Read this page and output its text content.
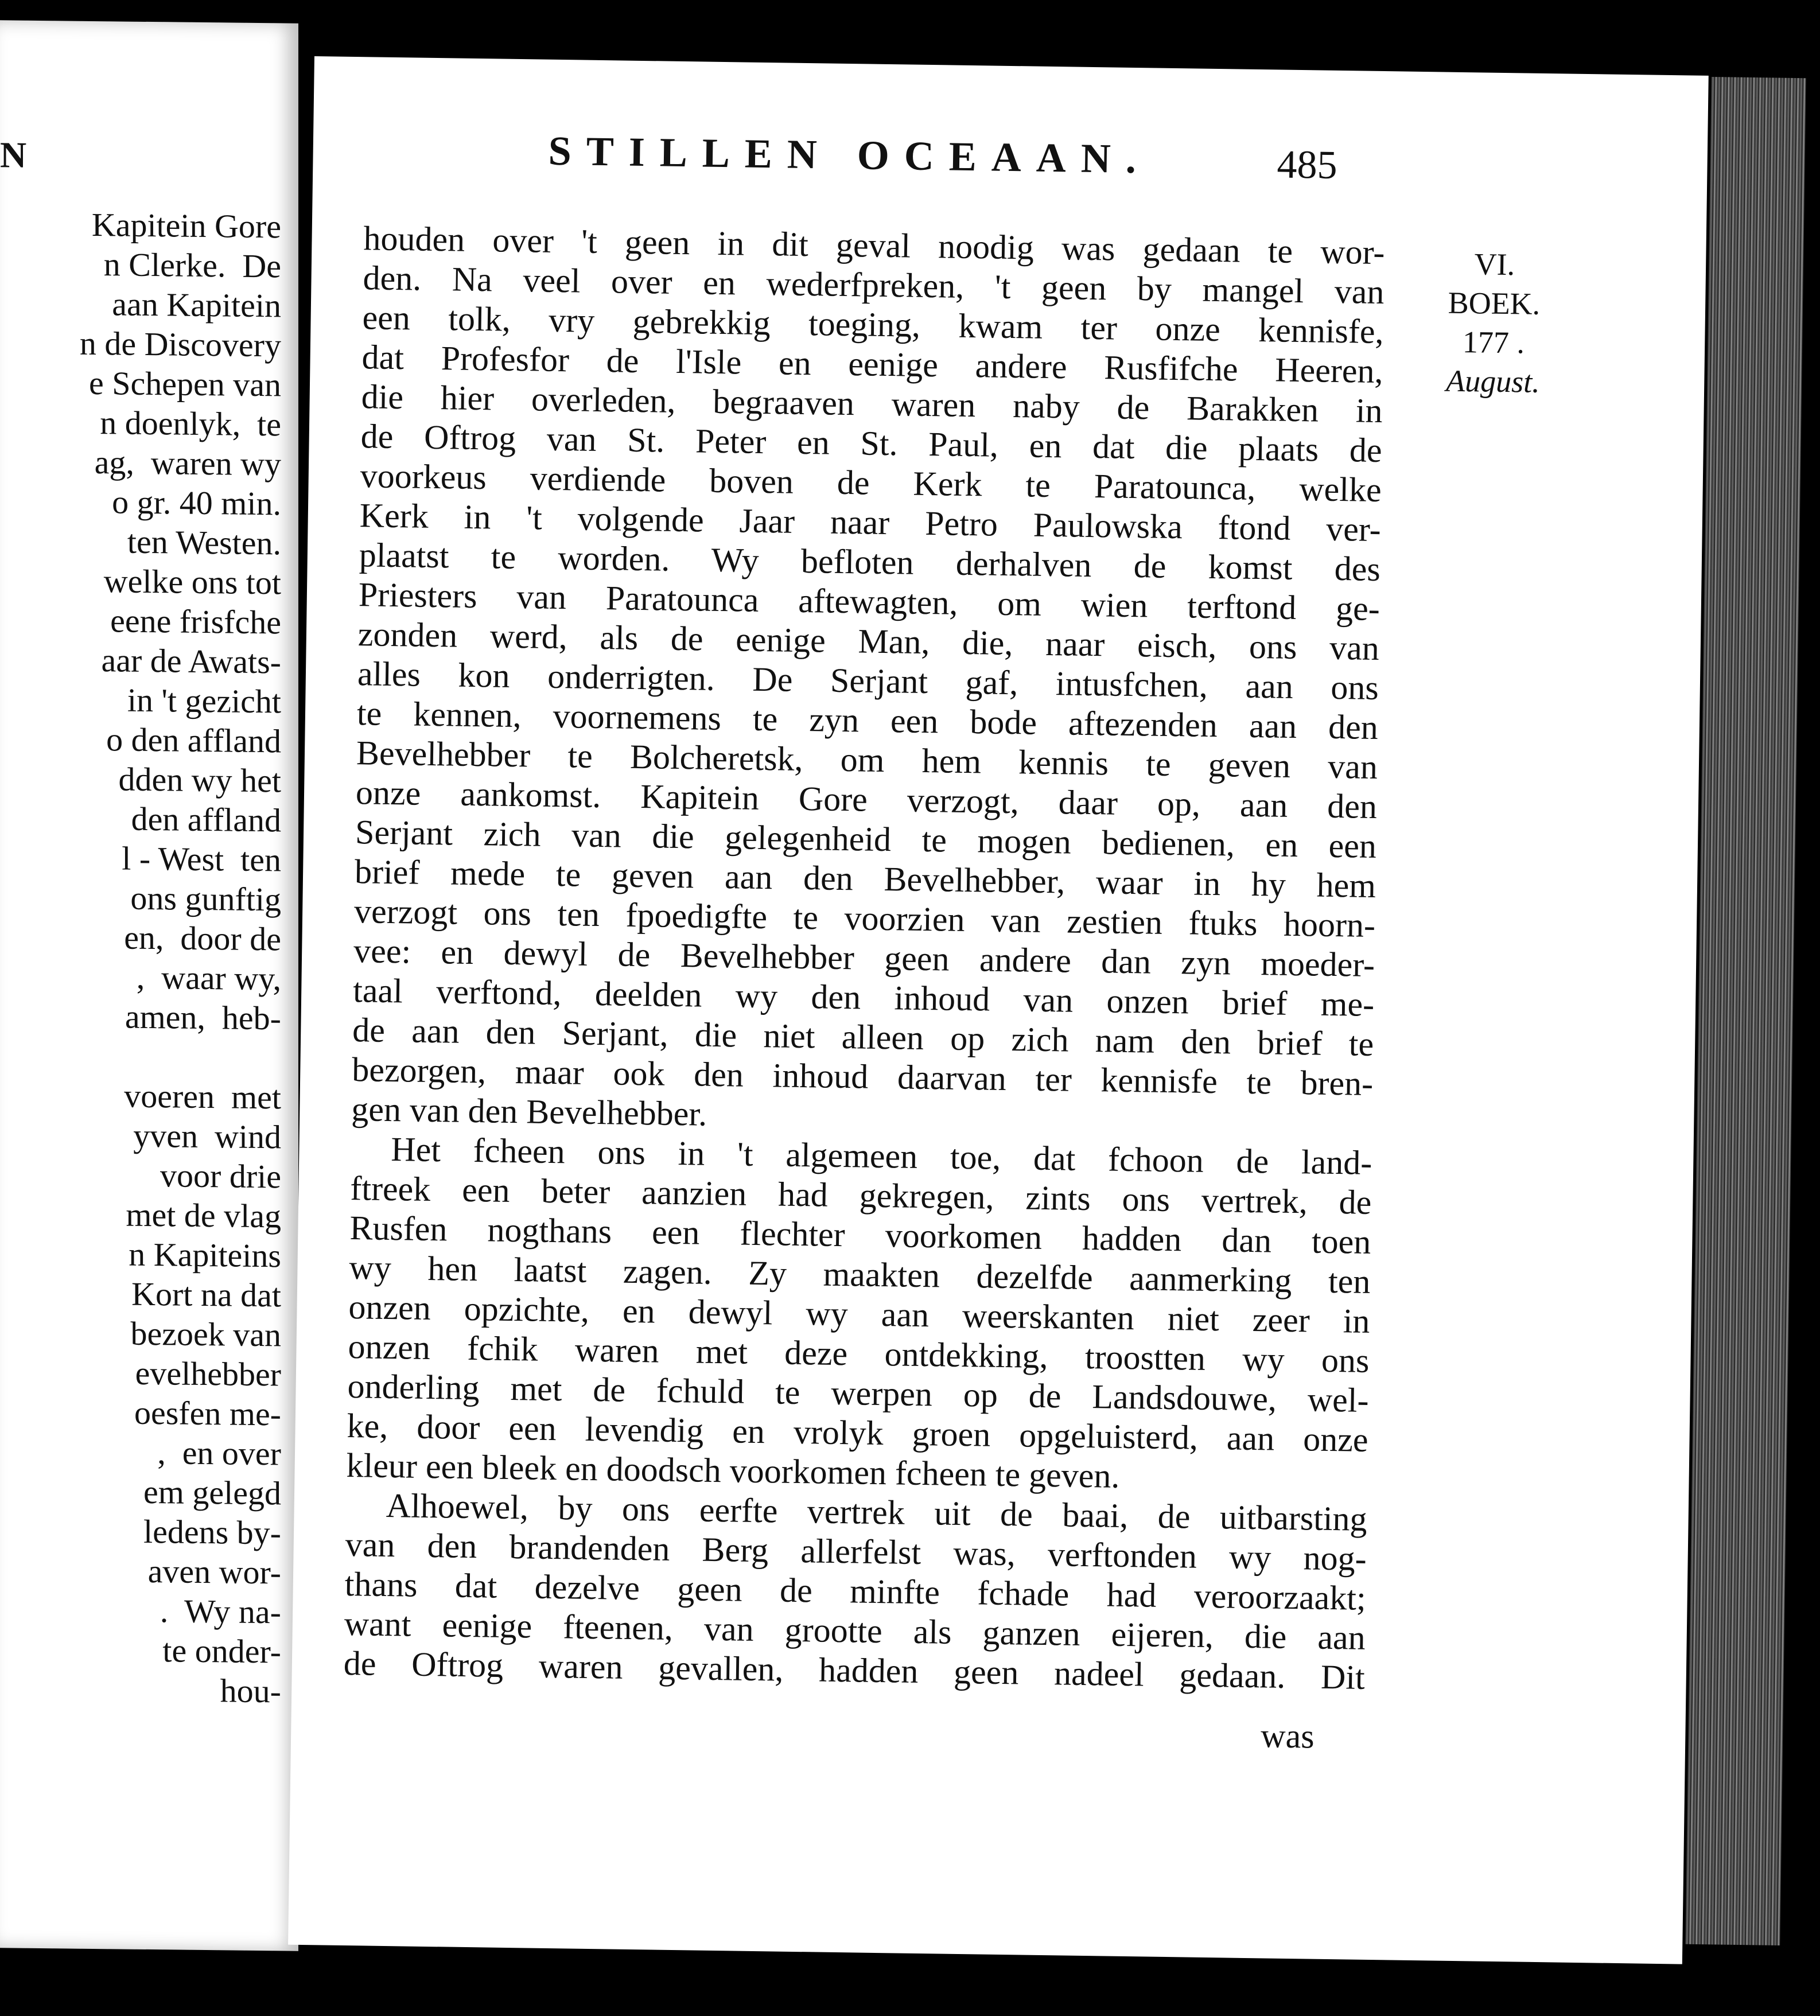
N
Kapitein Gore
n Clerke.  De
aan Kapitein
n de Discovery
e Schepen van
n doenlyk,  te
ag,  waren wy
o gr. 40 min.
ten Westen.
welke ons tot
eene frisfche
aar de Awats-
in 't gezicht
o den affland
dden wy het
den affland
l - West  ten
ons gunftig
en,  door de
,  waar wy,
amen,  heb-
voeren  met
yven  wind
voor drie
met de vlag
n Kapiteins
Kort na dat
bezoek van
evelhebber
oesfen me-
,  en over
em gelegd
ledens by-
aven wor-
.  Wy na-
te onder-
hou-
STILLEN OCEAAN.	485
houden over 't geen in dit geval noodig was gedaan te wor-
den. Na veel over en wederfpreken, 't geen by mangel van
een tolk, vry gebrekkig toeging, kwam ter onze kennisfe,
dat Profesfor de l'Isle en eenige andere Rusfifche Heeren,
die hier overleden, begraaven waren naby de Barakken in
de Oftrog van St. Peter en St. Paul, en dat die plaats de
voorkeus verdiende boven de Kerk te Paratounca, welke
Kerk in 't volgende Jaar naar Petro Paulowska ftond ver-
plaatst te worden. Wy befloten derhalven de komst des
Priesters van Paratounca aftewagten, om wien terftond ge-
zonden werd, als de eenige Man, die, naar eisch, ons van
alles kon onderrigten. De Serjant gaf, intusfchen, aan ons
te kennen, voornemens te zyn een bode aftezenden aan den
Bevelhebber te Bolcheretsk, om hem kennis te geven van
onze aankomst. Kapitein Gore verzogt, daar op, aan den
Serjant zich van die gelegenheid te mogen bedienen, en een
brief mede te geven aan den Bevelhebber, waar in hy hem
verzogt ons ten fpoedigfte te voorzien van zestien ftuks hoorn-
vee: en dewyl de Bevelhebber geen andere dan zyn moeder-
taal verftond, deelden wy den inhoud van onzen brief me-
de aan den Serjant, die niet alleen op zich nam den brief te
bezorgen, maar ook den inhoud daarvan ter kennisfe te bren-
gen van den Bevelhebber.
Het fcheen ons in 't algemeen toe, dat fchoon de land-
ftreek een beter aanzien had gekregen, zints ons vertrek, de
Rusfen nogthans een flechter voorkomen hadden dan toen
wy hen laatst zagen. Zy maakten dezelfde aanmerking ten
onzen opzichte, en dewyl wy aan weerskanten niet zeer in
onzen fchik waren met deze ontdekking, troostten wy ons
onderling met de fchuld te werpen op de Landsdouwe, wel-
ke, door een levendig en vrolyk groen opgeluisterd, aan onze
kleur een bleek en doodsch voorkomen fcheen te geven.
Alhoewel, by ons eerfte vertrek uit de baai, de uitbarsting
van den brandenden Berg allerfelst was, verftonden wy nog-
thans dat dezelve geen de minfte fchade had veroorzaakt;
want eenige fteenen, van grootte als ganzen eijeren, die aan
de Oftrog waren gevallen, hadden geen nadeel gedaan. Dit
was
VI.
BOEK.
177 .
August.
